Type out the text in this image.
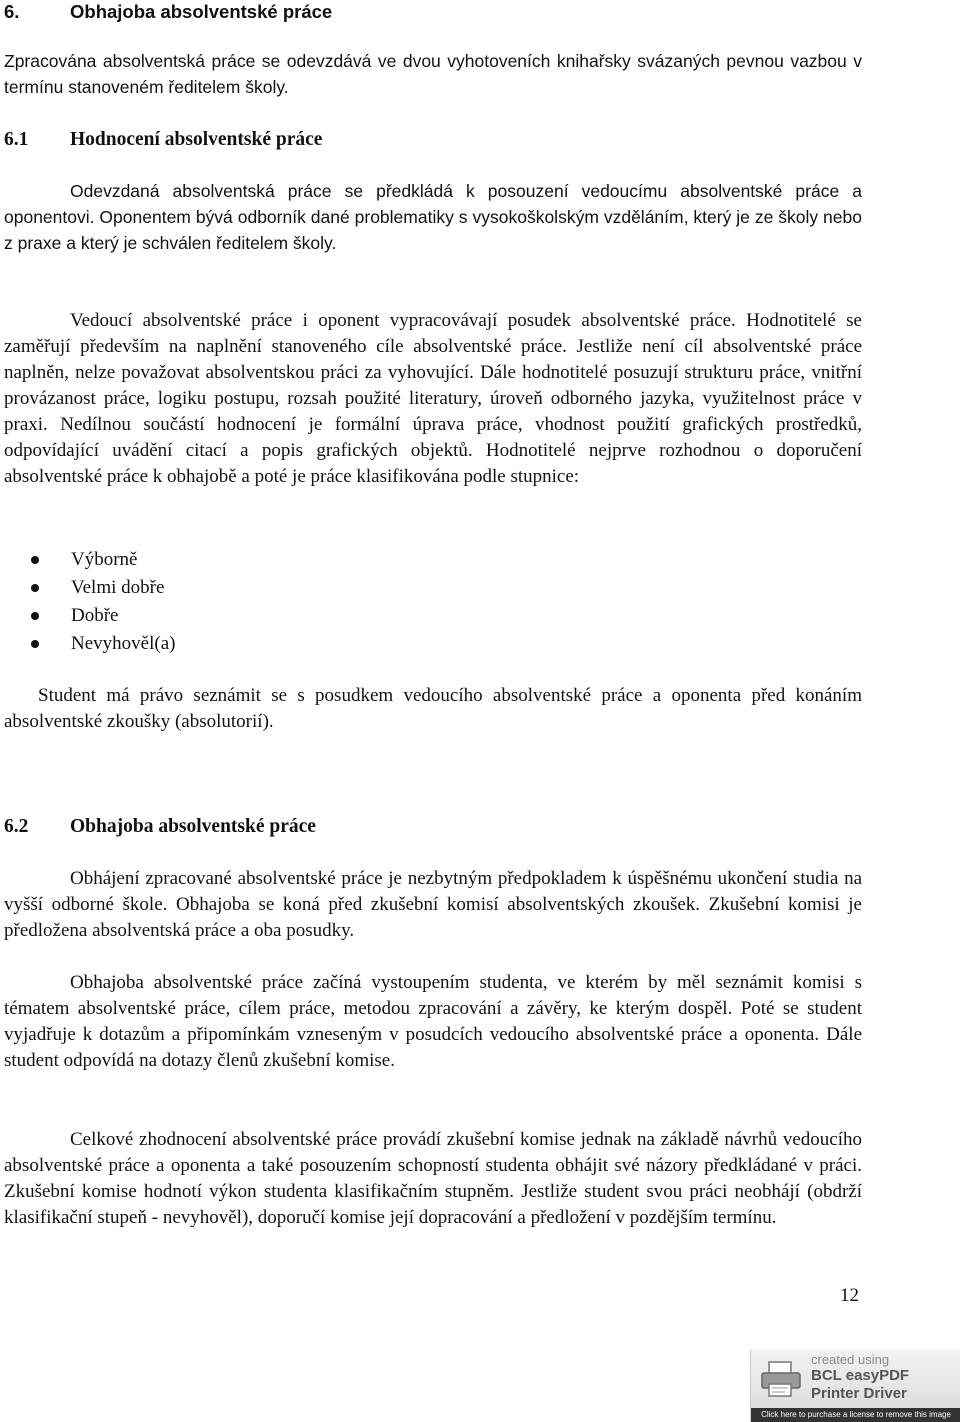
6.	Obhajoba absolventské práce

Zpracována absolventská práce se odevzdává ve dvou vyhotoveních knihařsky svázaných pevnou vazbou v termínu stanoveném ředitelem školy.

6.1 Hodnocení absolventské práce

Odevzdaná absolventská práce se předkládá k posouzení vedoucímu absolventské práce a oponentovi. Oponentem bývá odborník dané problematiky s vysokoškolským vzděláním, který je ze školy nebo z praxe a který je schválen ředitelem školy.

Vedoucí absolventské práce i oponent vypracovávají posudek absolventské práce. Hodnotitelé se zaměřují především na naplnění stanoveného cíle absolventské práce. Jestliže není cíl absolventské práce naplněn, nelze považovat absolventskou práci za vyhovující. Dále hodnotitelé posuzují strukturu práce, vnitřní provázanost práce, logiku postupu, rozsah použité literatury, úroveň odborného jazyka, využitelnost práce v praxi. Nedílnou součástí hodnocení je formální úprava práce, vhodnost použití grafických prostředků, odpovídající uvádění citací a popis grafických objektů. Hodnotitelé nejprve rozhodnou o doporučení absolventské práce k obhajobě a poté je práce klasifikována podle stupnice:

Výborně
Velmi dobře
Dobře
Nevyhověl(a)

Student má právo seznámit se s posudkem vedoucího absolventské práce a oponenta před konáním absolventské zkoušky (absolutorií).

6.2 Obhajoba absolventské práce

Obhájení zpracované absolventské práce je nezbytným předpokladem k úspěšnému ukončení studia na vyšší odborné škole. Obhajoba se koná před zkušební komisí absolventských zkoušek. Zkušební komisi je předložena absolventská práce a oba posudky.

Obhajoba absolventské práce začíná vystoupením studenta, ve kterém by měl seznámit komisi s tématem absolventské práce, cílem práce, metodou zpracování a závěry, ke kterým dospěl. Poté se student vyjadřuje k dotazům a připomínkám vzneseným v posudcích vedoucího absolventské práce a oponenta. Dále student odpovídá na dotazy členů zkušební komise.

Celkové zhodnocení absolventské práce provádí zkušební komise jednak na základě návrhů vedoucího absolventské práce a oponenta a také posouzením schopností studenta obhájit své názory předkládané v práci. Zkušební komise hodnotí výkon studenta klasifikačním stupněm. Jestliže student svou práci neobhájí (obdrží klasifikační stupeň - nevyhověl), doporučí komise její dopracování a předložení v pozdějším termínu.

12
created using
BCL easyPDF
Printer Driver
Click here to purchase a license to remove this image
